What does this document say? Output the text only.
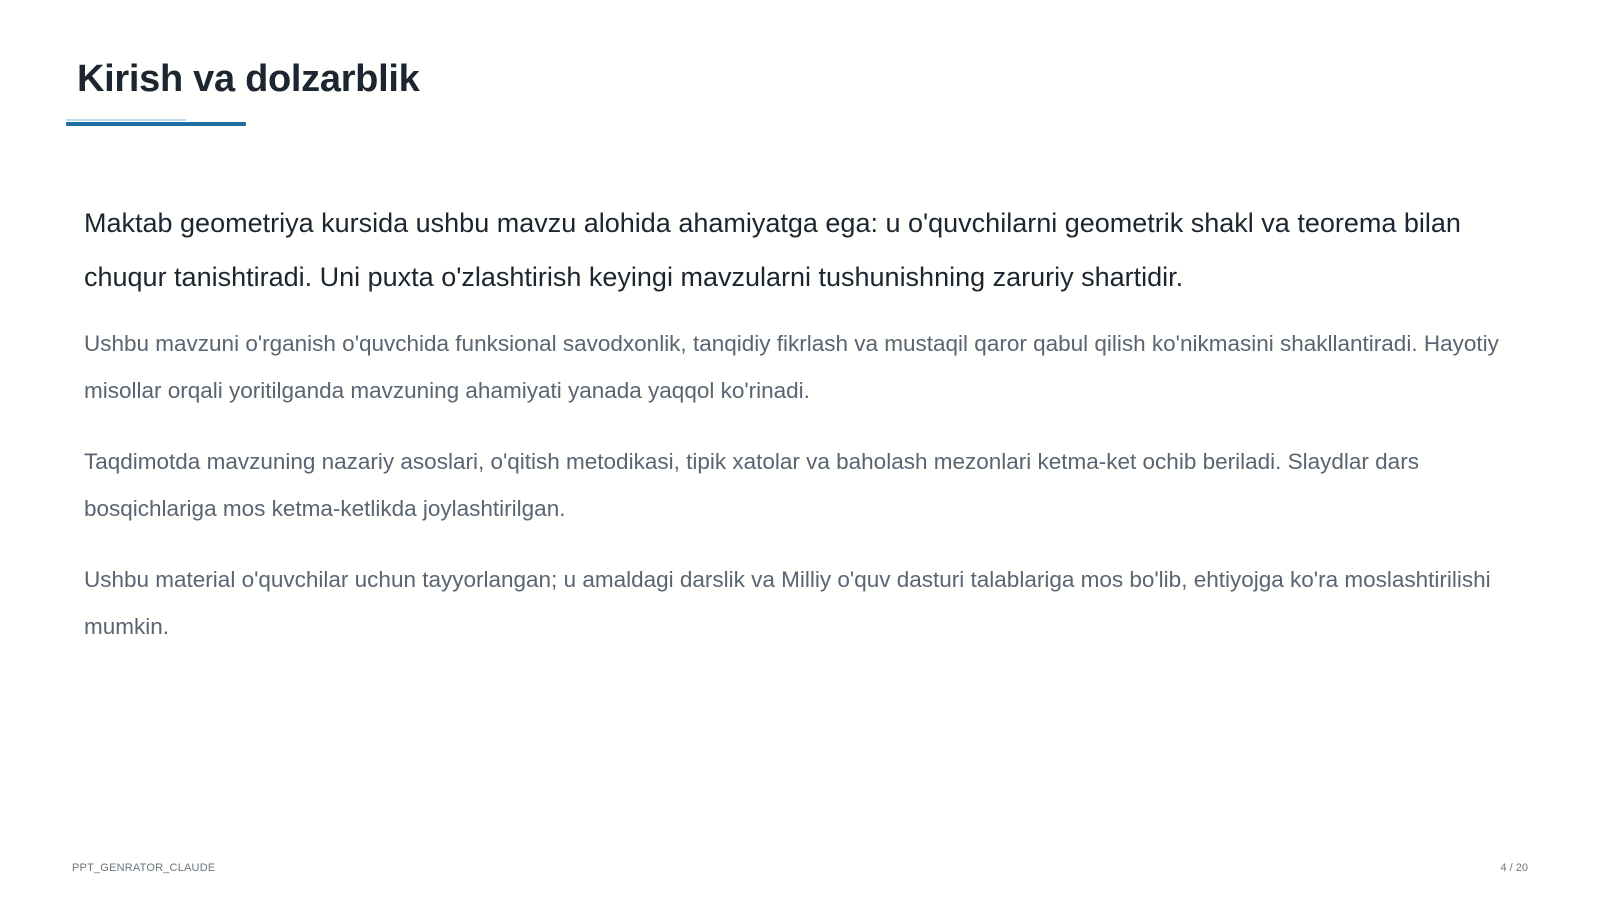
Kirish va dolzarblik

Maktab geometriya kursida ushbu mavzu alohida ahamiyatga ega: u o'quvchilarni geometrik shakl va teorema bilan chuqur tanishtiradi. Uni puxta o'zlashtirish keyingi mavzularni tushunishning zaruriy shartidir.

Ushbu mavzuni o'rganish o'quvchida funksional savodxonlik, tanqidiy fikrlash va mustaqil qaror qabul qilish ko'nikmasini shakllantiradi. Hayotiy misollar orqali yoritilganda mavzuning ahamiyati yanada yaqqol ko'rinadi.

Taqdimotda mavzuning nazariy asoslari, o'qitish metodikasi, tipik xatolar va baholash mezonlari ketma-ket ochib beriladi. Slaydlar dars bosqichlariga mos ketma-ketlikda joylashtirilgan.

Ushbu material o'quvchilar uchun tayyorlangan; u amaldagi darslik va Milliy o'quv dasturi talablariga mos bo'lib, ehtiyojga ko'ra moslashtirilishi mumkin.

PPT_GENRATOR_CLAUDE	4 / 20
